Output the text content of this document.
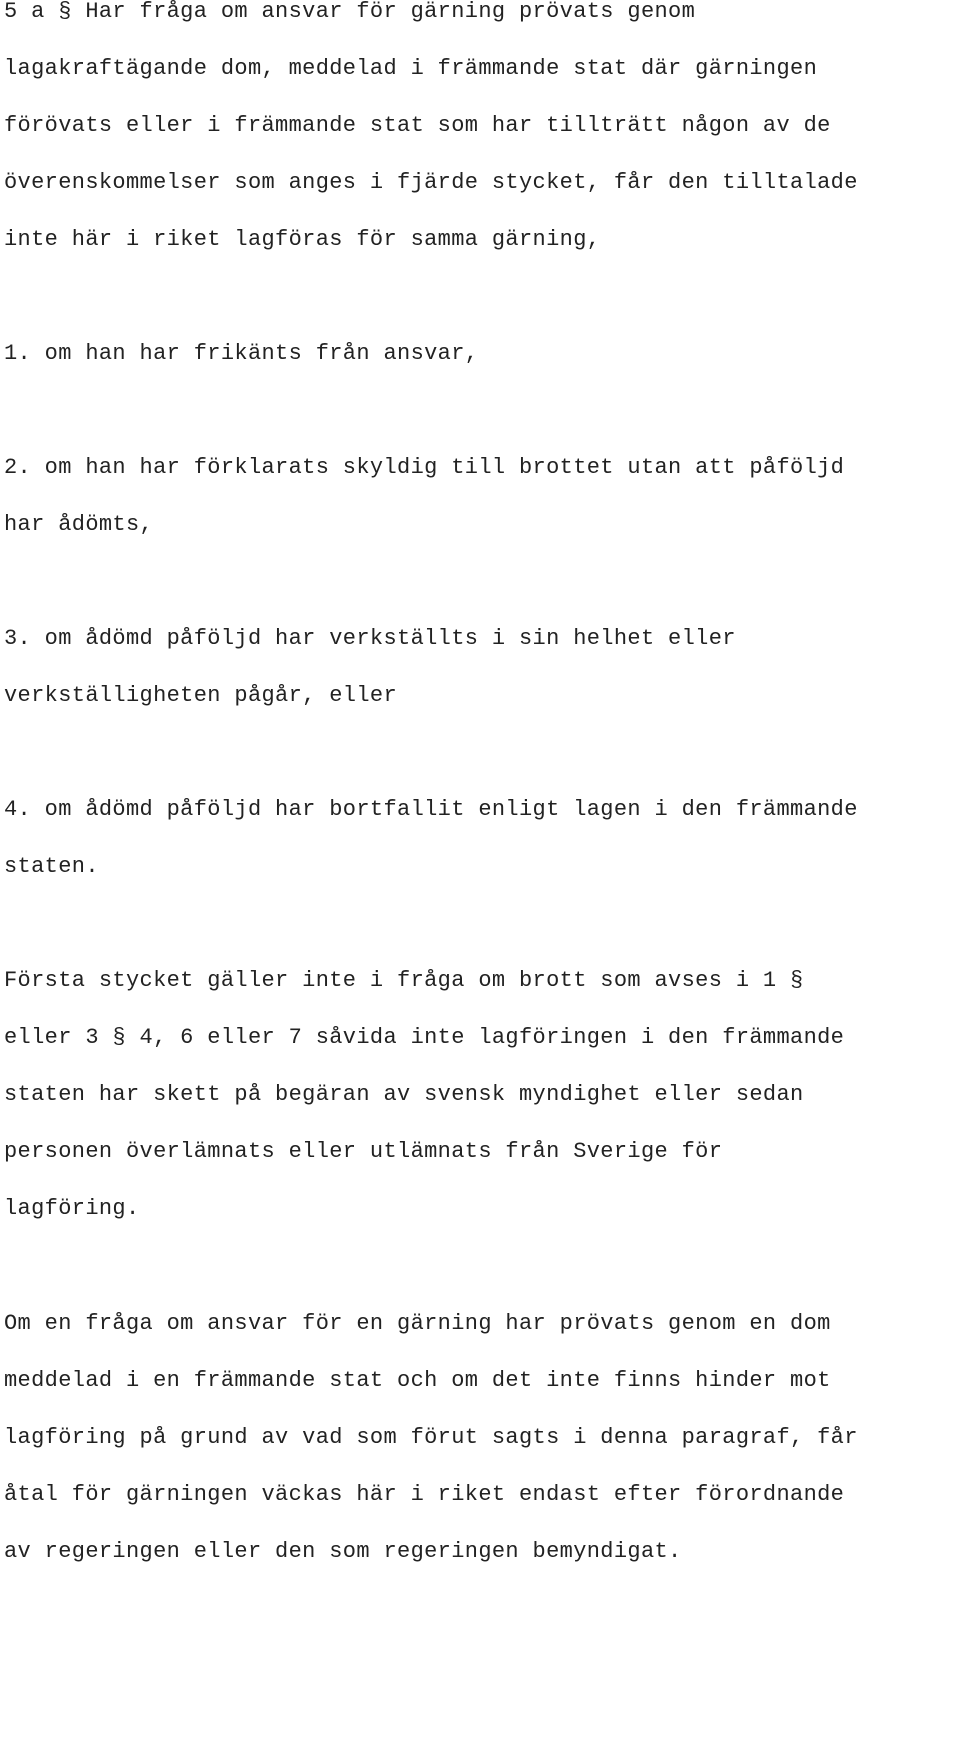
5 a § Har fråga om ansvar för gärning prövats genom

lagakraftägande dom, meddelad i främmande stat där gärningen

förövats eller i främmande stat som har tillträtt någon av de

överenskommelser som anges i fjärde stycket, får den tilltalade

inte här i riket lagföras för samma gärning,

1. om han har frikänts från ansvar,

2. om han har förklarats skyldig till brottet utan att påföljd

har ådömts,

3. om ådömd påföljd har verkställts i sin helhet eller

verkställigheten pågår, eller

4. om ådömd påföljd har bortfallit enligt lagen i den främmande

staten.

Första stycket gäller inte i fråga om brott som avses i 1 §

eller 3 § 4, 6 eller 7 såvida inte lagföringen i den främmande

staten har skett på begäran av svensk myndighet eller sedan

personen överlämnats eller utlämnats från Sverige för

lagföring.

Om en fråga om ansvar för en gärning har prövats genom en dom

meddelad i en främmande stat och om det inte finns hinder mot

lagföring på grund av vad som förut sagts i denna paragraf, får

åtal för gärningen väckas här i riket endast efter förordnande

av regeringen eller den som regeringen bemyndigat.
